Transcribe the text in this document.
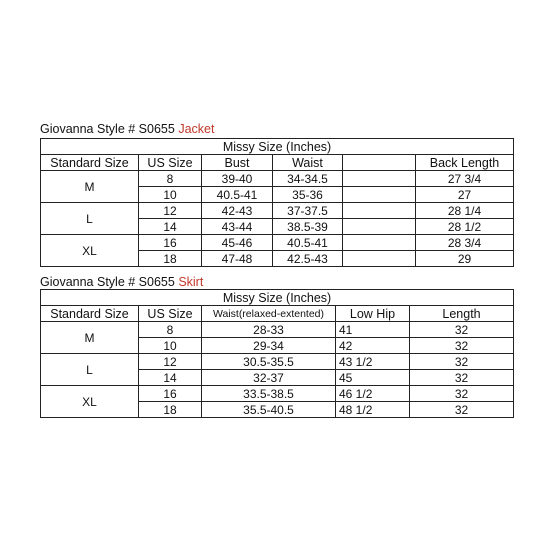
Giovanna Style # S0655 Jacket
Missy Size (Inches)					
Standard Size	US Size	Bust	Waist		Back Length
M	8	39-40	34-34.5		27 3/4
	10	40.5-41	35-36		27
L	12	42-43	37-37.5		28 1/4
	14	43-44	38.5-39		28 1/2
XL	16	45-46	40.5-41		28 3/4
	18	47-48	42.5-43		29
Giovanna Style # S0655 Skirt
Missy Size (Inches)				
Standard Size	US Size	Waist(relaxed-extented)	Low Hip	Length
M	8	28-33	41	32
	10	29-34	42	32
L	12	30.5-35.5	43 1/2	32
	14	32-37	45	32
XL	16	33.5-38.5	46 1/2	32
	18	35.5-40.5	48 1/2	32
